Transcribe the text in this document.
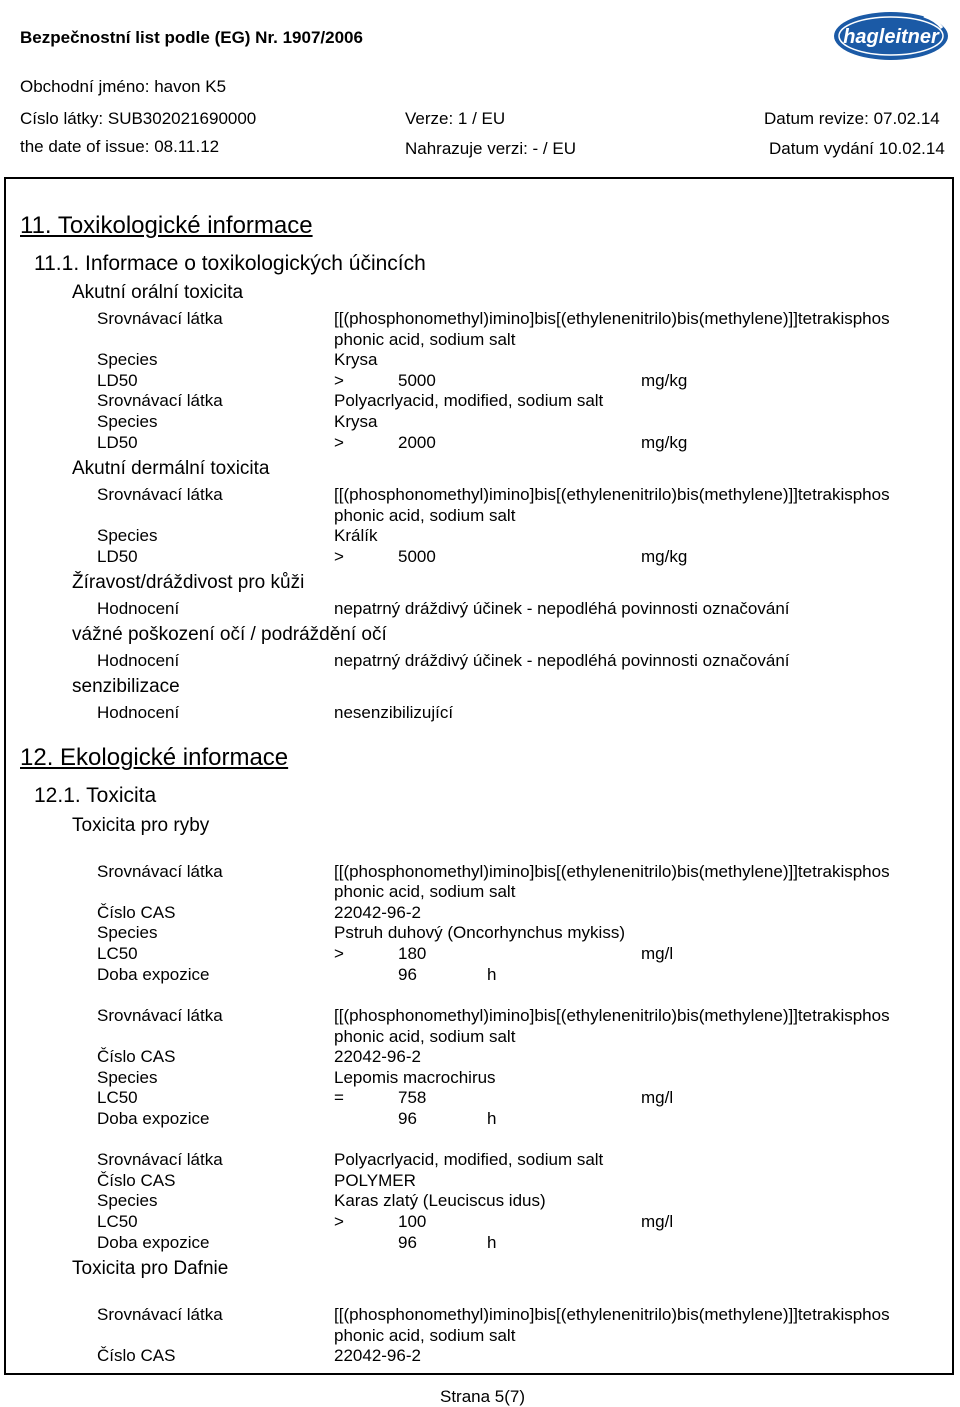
Bezpečnostní list podle (EG) Nr. 1907/2006	hagleitner
Obchodní jméno: havon K5
Císlo látky: SUB302021690000
the date of issue: 08.11.12
Verze: 1 / EU
Nahrazuje verzi: - / EU
Datum revize: 07.02.14
Datum vydání 10.02.14
11. Toxikologické informace
11.1. Informace o toxikologických účincích
Akutní orální toxicita
Srovnávací látka	[[(phosphonomethyl)imino]bis[(ethylenenitrilo)bis(methylene)]]tetrakisphos
phonic acid, sodium salt
Species	Krysa
LD50	>	5000	mg/kg
Srovnávací látka	Polyacrlyacid, modified, sodium salt
Species	Krysa
LD50	>	2000	mg/kg
Akutní dermální toxicita
Srovnávací látka	[[(phosphonomethyl)imino]bis[(ethylenenitrilo)bis(methylene)]]tetrakisphos
phonic acid, sodium salt
Species	Králík
LD50	>	5000	mg/kg
Žíravost/dráždivost pro kůži
Hodnocení	nepatrný dráždivý účinek - nepodléhá povinnosti označování
vážné poškození očí / podráždění očí
Hodnocení	nepatrný dráždivý účinek - nepodléhá povinnosti označování
senzibilizace
Hodnocení	nesenzibilizující
12. Ekologické informace
12.1. Toxicita
Toxicita pro ryby
Srovnávací látka	[[(phosphonomethyl)imino]bis[(ethylenenitrilo)bis(methylene)]]tetrakisphos
phonic acid, sodium salt
Číslo CAS	22042-96-2
Species	Pstruh duhový (Oncorhynchus mykiss)
LC50	>	180	mg/l
Doba expozice	96	h
Srovnávací látka	[[(phosphonomethyl)imino]bis[(ethylenenitrilo)bis(methylene)]]tetrakisphos
phonic acid, sodium salt
Číslo CAS	22042-96-2
Species	Lepomis macrochirus
LC50	=	758	mg/l
Doba expozice	96	h
Srovnávací látka	Polyacrlyacid, modified, sodium salt
Číslo CAS	POLYMER
Species	Karas zlatý (Leuciscus idus)
LC50	>	100	mg/l
Doba expozice	96	h
Toxicita pro Dafnie
Srovnávací látka	[[(phosphonomethyl)imino]bis[(ethylenenitrilo)bis(methylene)]]tetrakisphos
phonic acid, sodium salt
Číslo CAS	22042-96-2
Strana 5(7)
